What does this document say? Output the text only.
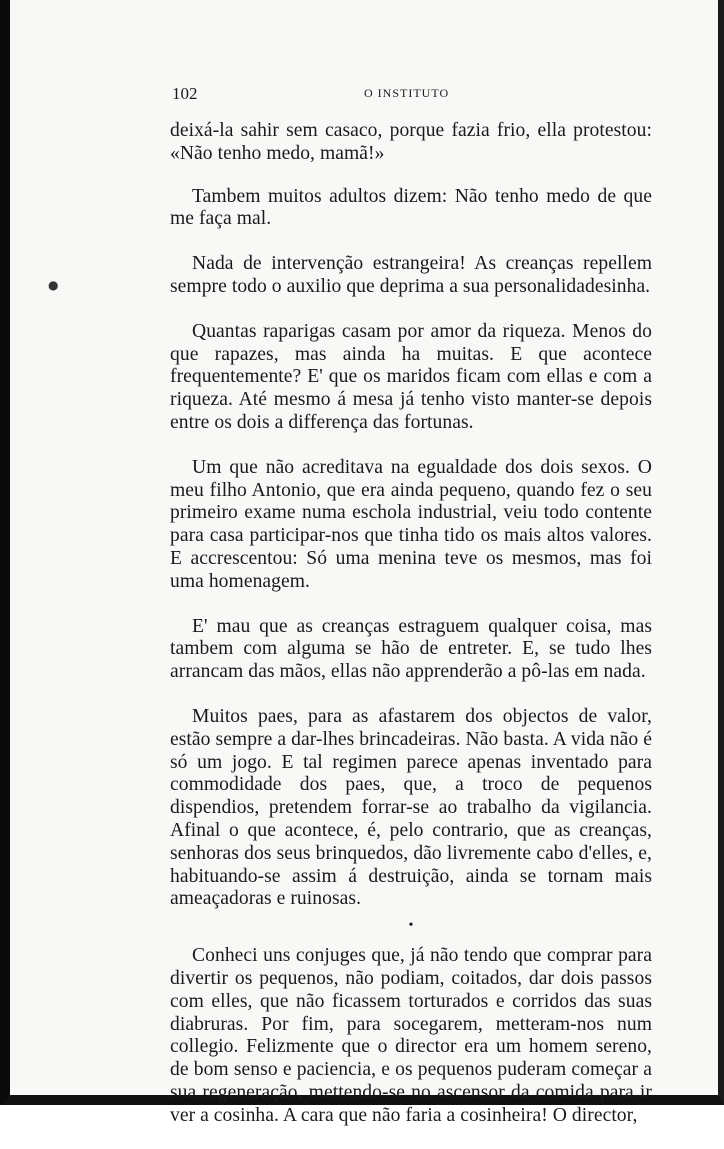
●
102	O INSTITUTO

deixá-la sahir sem casaco, porque fazia frio, ella protestou: «Não tenho medo, mamã!»

Tambem muitos adultos dizem: Não tenho medo de que me faça mal.

Nada de intervenção estrangeira! As creanças repellem sempre todo o auxilio que deprima a sua personalidadesinha.

Quantas raparigas casam por amor da riqueza. Menos do que rapazes, mas ainda ha muitas. E que acontece frequentemente? E' que os maridos ficam com ellas e com a riqueza. Até mesmo á mesa já tenho visto manter-se depois entre os dois a differença das fortunas.

Um que não acreditava na egualdade dos dois sexos. O meu filho Antonio, que era ainda pequeno, quando fez o seu primeiro exame numa eschola industrial, veiu todo contente para casa participar-nos que tinha tido os mais altos valores. E accrescentou: Só uma menina teve os mesmos, mas foi uma homenagem.

E' mau que as creanças estraguem qualquer coisa, mas tambem com alguma se hão de entreter. E, se tudo lhes arrancam das mãos, ellas não apprenderão a pô-las em nada.

Muitos paes, para as afastarem dos objectos de valor, estão sempre a dar-lhes brincadeiras. Não basta. A vida não é só um jogo. E tal regimen parece apenas inventado para commodidade dos paes, que, a troco de pequenos dispendios, pretendem forrar-se ao trabalho da vigilancia. Afinal o que acontece, é, pelo contrario, que as creanças, senhoras dos seus brinquedos, dão livremente cabo d'elles, e, habituando-se assim á destruição, ainda se tornam mais ameaçadoras e ruinosas.

•

Conheci uns conjuges que, já não tendo que comprar para divertir os pequenos, não podiam, coitados, dar dois passos com elles, que não ficassem torturados e corridos das suas diabruras. Por fim, para socegarem, metteram-nos num collegio. Felizmente que o director era um homem sereno, de bom senso e paciencia, e os pequenos puderam começar a sua regeneração, mettendo-se no ascensor da comida para ir ver a cosinha. A cara que não faria a cosinheira! O director,
